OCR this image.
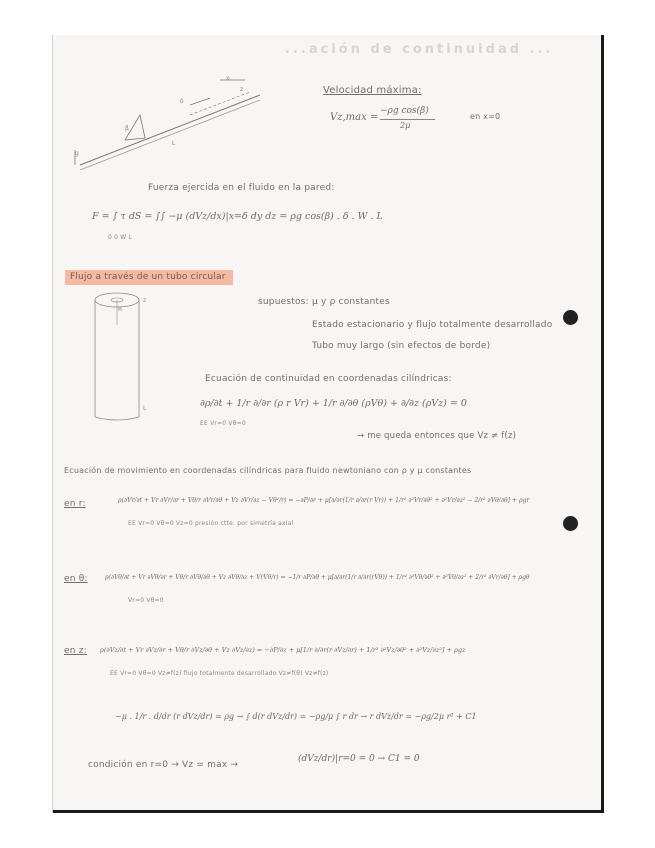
...ación de continuidad ...
g
δ
L
β
x
z	Velocidad máxima:
Vz,max =
−ρg cos(β)
2μ
en x=0
Fuerza ejercida en el fluido en la pared:
F = ∫ τ dS = ∫∫ −μ (dVz/dx)|x=δ dy dz = ρg cos(β) . δ . W . L
0 0 W L
Flujo a través de un tubo circular
R
z
L
supuestos: μ y ρ constantes
Estado estacionario y flujo totalmente desarrollado
Tubo muy largo (sin efectos de borde)
Ecuación de continuidad en coordenadas cilíndricas:
∂ρ/∂t + 1/r ∂/∂r (ρ r Vr) + 1/r ∂/∂θ (ρVθ) + ∂/∂z (ρVz) = 0
EE Vr=0 Vθ=0
→ me queda entonces que Vz ≠ f(z)
Ecuación de movimiento en coordenadas cilíndricas para fluido newtoniano con ρ y μ constantes
en r:	ρ(∂Vr/∂t + Vr ∂Vr/∂r + Vθ/r ∂Vr/∂θ + Vz ∂Vr/∂z − Vθ²/r) = −∂P/∂r + μ[∂/∂r(1/r ∂/∂r(r Vr)) + 1/r² ∂²Vr/∂θ² + ∂²Vr/∂z² − 2/r² ∂Vθ/∂θ] + ρgr
EE Vr=0 Vθ=0 Vz=0 presión ctte. por simetría axial
en θ:	ρ(∂Vθ/∂t + Vr ∂Vθ/∂r + Vθ/r ∂Vθ/∂θ + Vz ∂Vθ/∂z + VrVθ/r) = −1/r ∂P/∂θ + μ[∂/∂r(1/r ∂/∂r(rVθ)) + 1/r² ∂²Vθ/∂θ² + ∂²Vθ/∂z² + 2/r² ∂Vr/∂θ] + ρgθ
Vr=0 Vθ=0
en z: ρ(∂Vz/∂t + Vr ∂Vz/∂r + Vθ/r ∂Vz/∂θ + Vz ∂Vz/∂z) = −∂P/∂z + μ[1/r ∂/∂r(r ∂Vz/∂r) + 1/r² ∂²Vz/∂θ² + ∂²Vz/∂z²] + ρgz
EE Vr=0 Vθ=0 Vz≠f(z) flujo totalmente desarrollado Vz≠f(θ) Vz≠f(z)
−μ . 1/r . d/dr (r dVz/dr) = ρg → ∫ d(r dVz/dr) = −ρg/μ ∫ r dr → r dVz/dr = −ρg/2μ r² + C1
condición en r=0 → Vz = max →
(dVz/dr)|r=0 = 0 → C1 = 0
